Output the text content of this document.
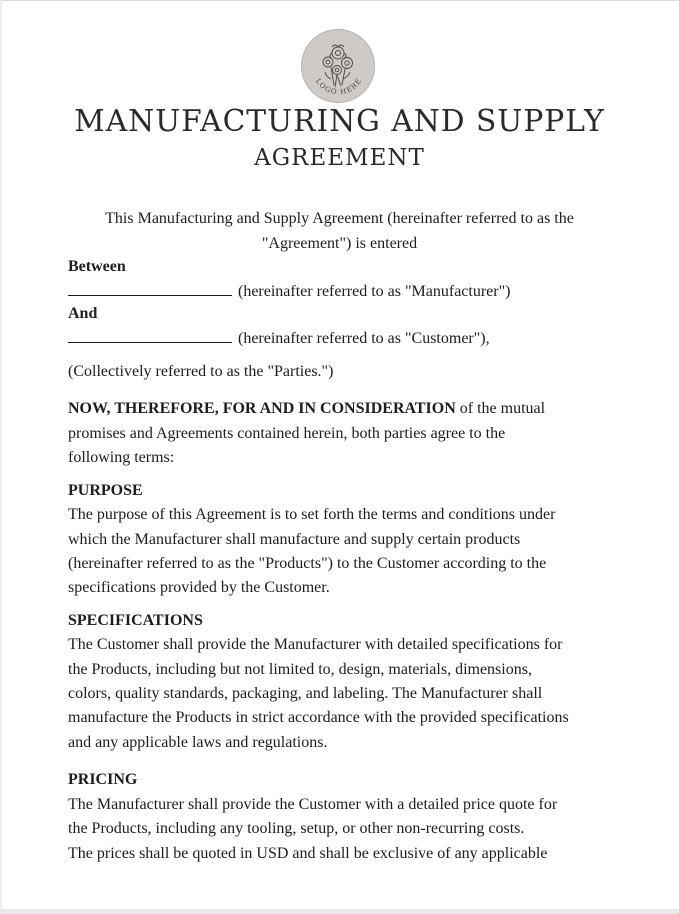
LOGO HERE
MANUFACTURING AND SUPPLY
AGREEMENT
This Manufacturing and Supply Agreement (hereinafter referred to as the
"Agreement") is entered
Between
(hereinafter referred to as "Manufacturer")
And
(hereinafter referred to as "Customer"),
(Collectively referred to as the "Parties.")
NOW, THEREFORE, FOR AND IN CONSIDERATION of the mutual
promises and Agreements contained herein, both parties agree to the
following terms:
PURPOSE
The purpose of this Agreement is to set forth the terms and conditions under
which the Manufacturer shall manufacture and supply certain products
(hereinafter referred to as the "Products") to the Customer according to the
specifications provided by the Customer.
SPECIFICATIONS
The Customer shall provide the Manufacturer with detailed specifications for
the Products, including but not limited to, design, materials, dimensions,
colors, quality standards, packaging, and labeling. The Manufacturer shall
manufacture the Products in strict accordance with the provided specifications
and any applicable laws and regulations.
PRICING
The Manufacturer shall provide the Customer with a detailed price quote for
the Products, including any tooling, setup, or other non-recurring costs.
The prices shall be quoted in USD and shall be exclusive of any applicable
